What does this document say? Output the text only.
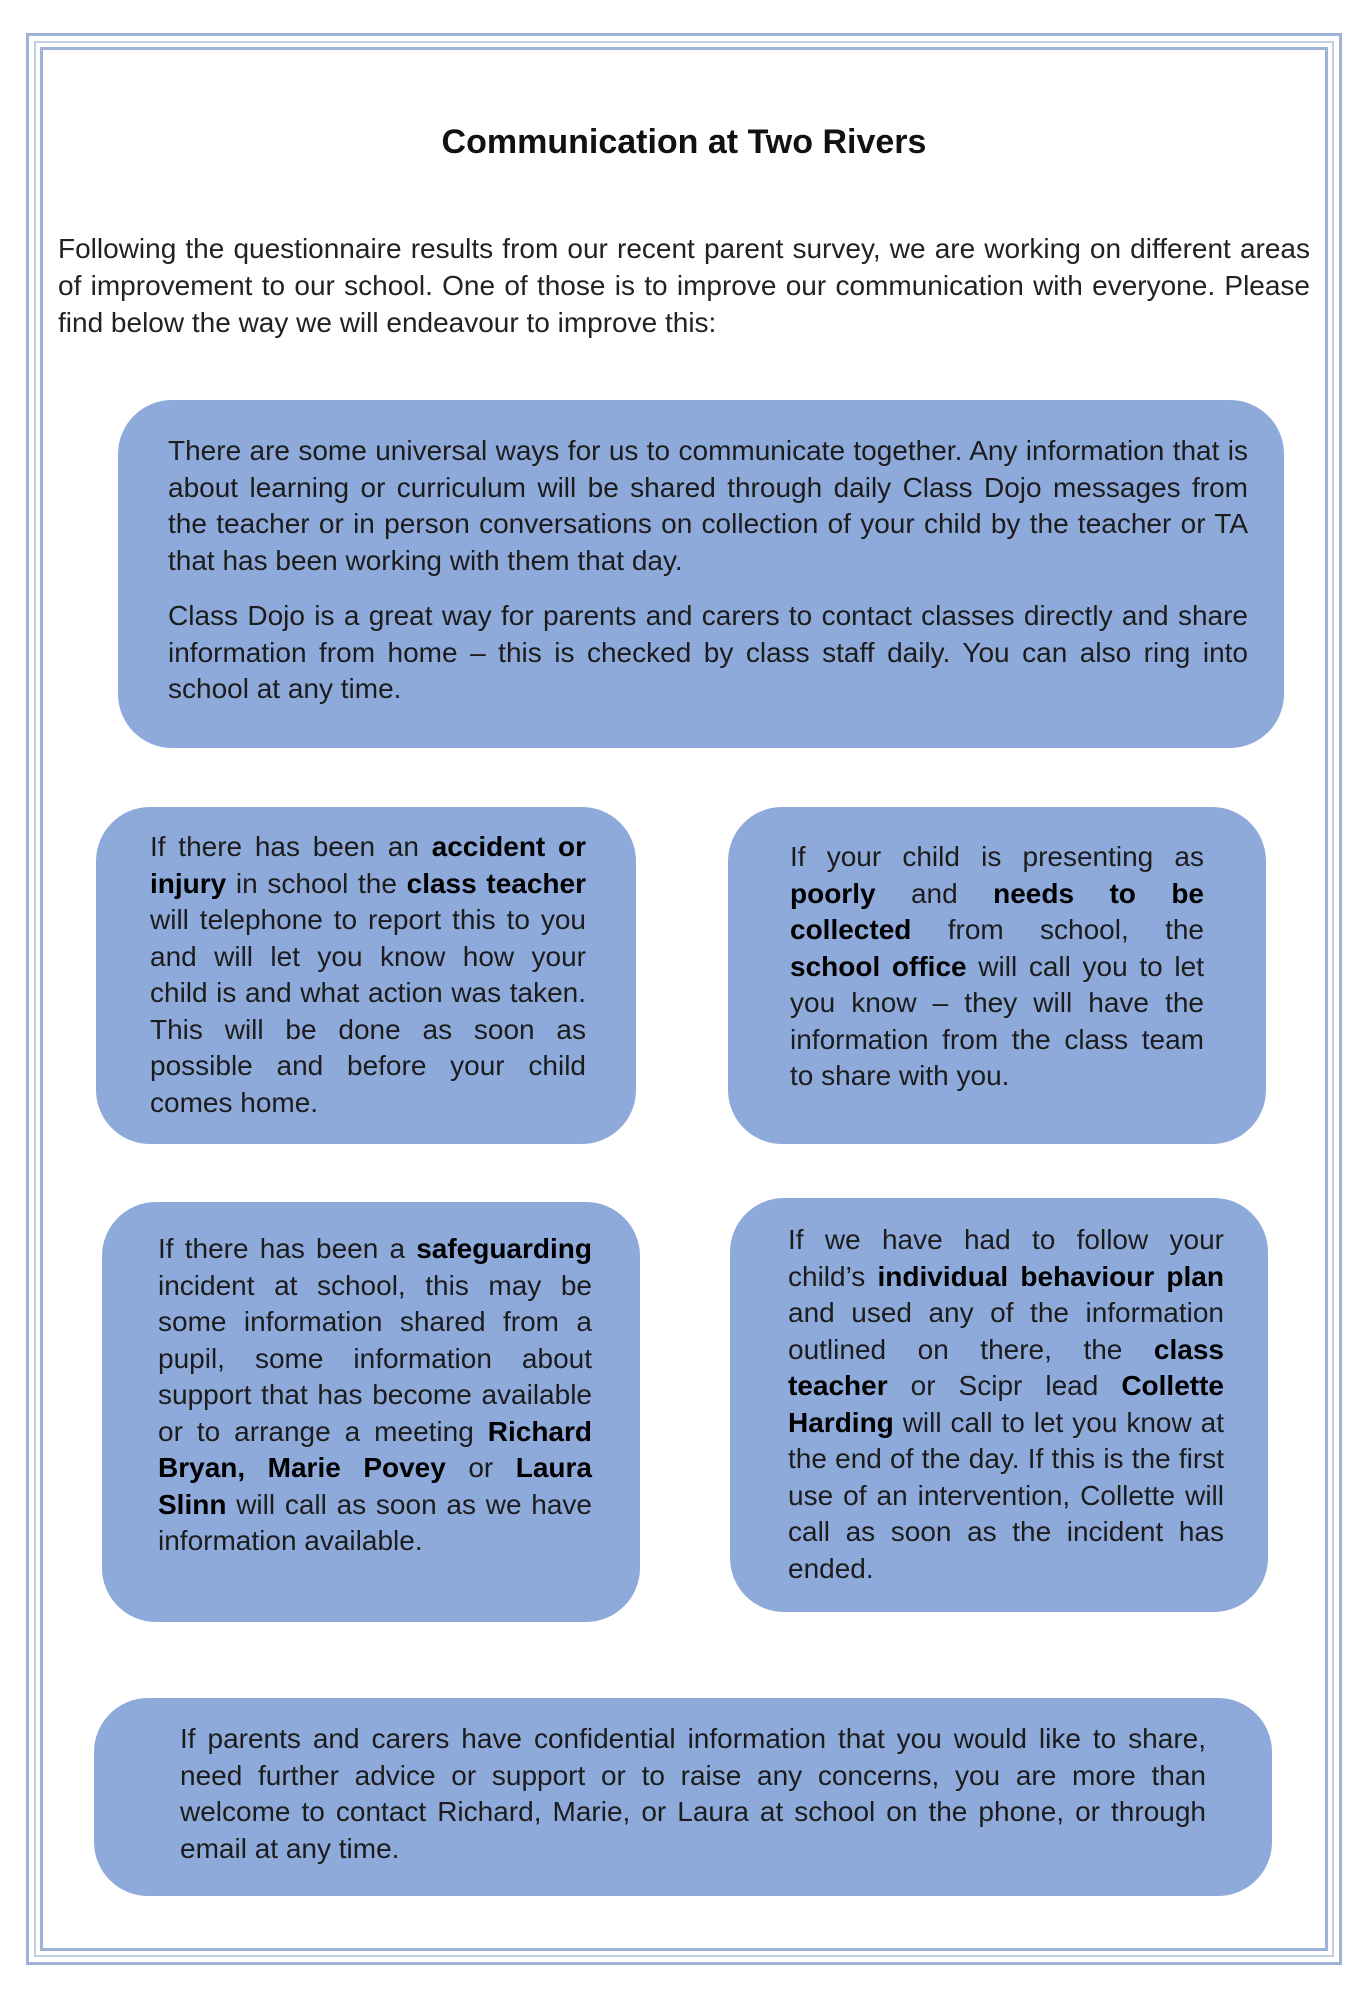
Communication at Two Rivers
Following the questionnaire results from our recent parent survey, we are working on different areas of improvement to our school. One of those is to improve our communication with everyone. Please find below the way we will endeavour to improve this:

There are some universal ways for us to communicate together. Any information that is about learning or curriculum will be shared through daily Class Dojo messages from the teacher or in person conversations on collection of your child by the teacher or TA that has been working with them that day.

Class Dojo is a great way for parents and carers to contact classes directly and share information from home – this is checked by class staff daily. You can also ring into school at any time.

If there has been an accident or injury in school the class teacher will telephone to report this to you and will let you know how your child is and what action was taken. This will be done as soon as possible and before your child comes home.

If your child is presenting as poorly and needs to be collected from school, the school office will call you to let you know – they will have the information from the class team to share with you.

If there has been a safeguarding incident at school, this may be some information shared from a pupil, some information about support that has become available or to arrange a meeting Richard Bryan, Marie Povey or Laura Slinn will call as soon as we have information available.

If we have had to follow your child’s individual behaviour plan and used any of the information outlined on there, the class teacher or Scipr lead Collette Harding will call to let you know at the end of the day. If this is the first use of an intervention, Collette will call as soon as the incident has ended.

If parents and carers have confidential information that you would like to share, need further advice or support or to raise any concerns, you are more than welcome to contact Richard, Marie, or Laura at school on the phone, or through email at any time.
